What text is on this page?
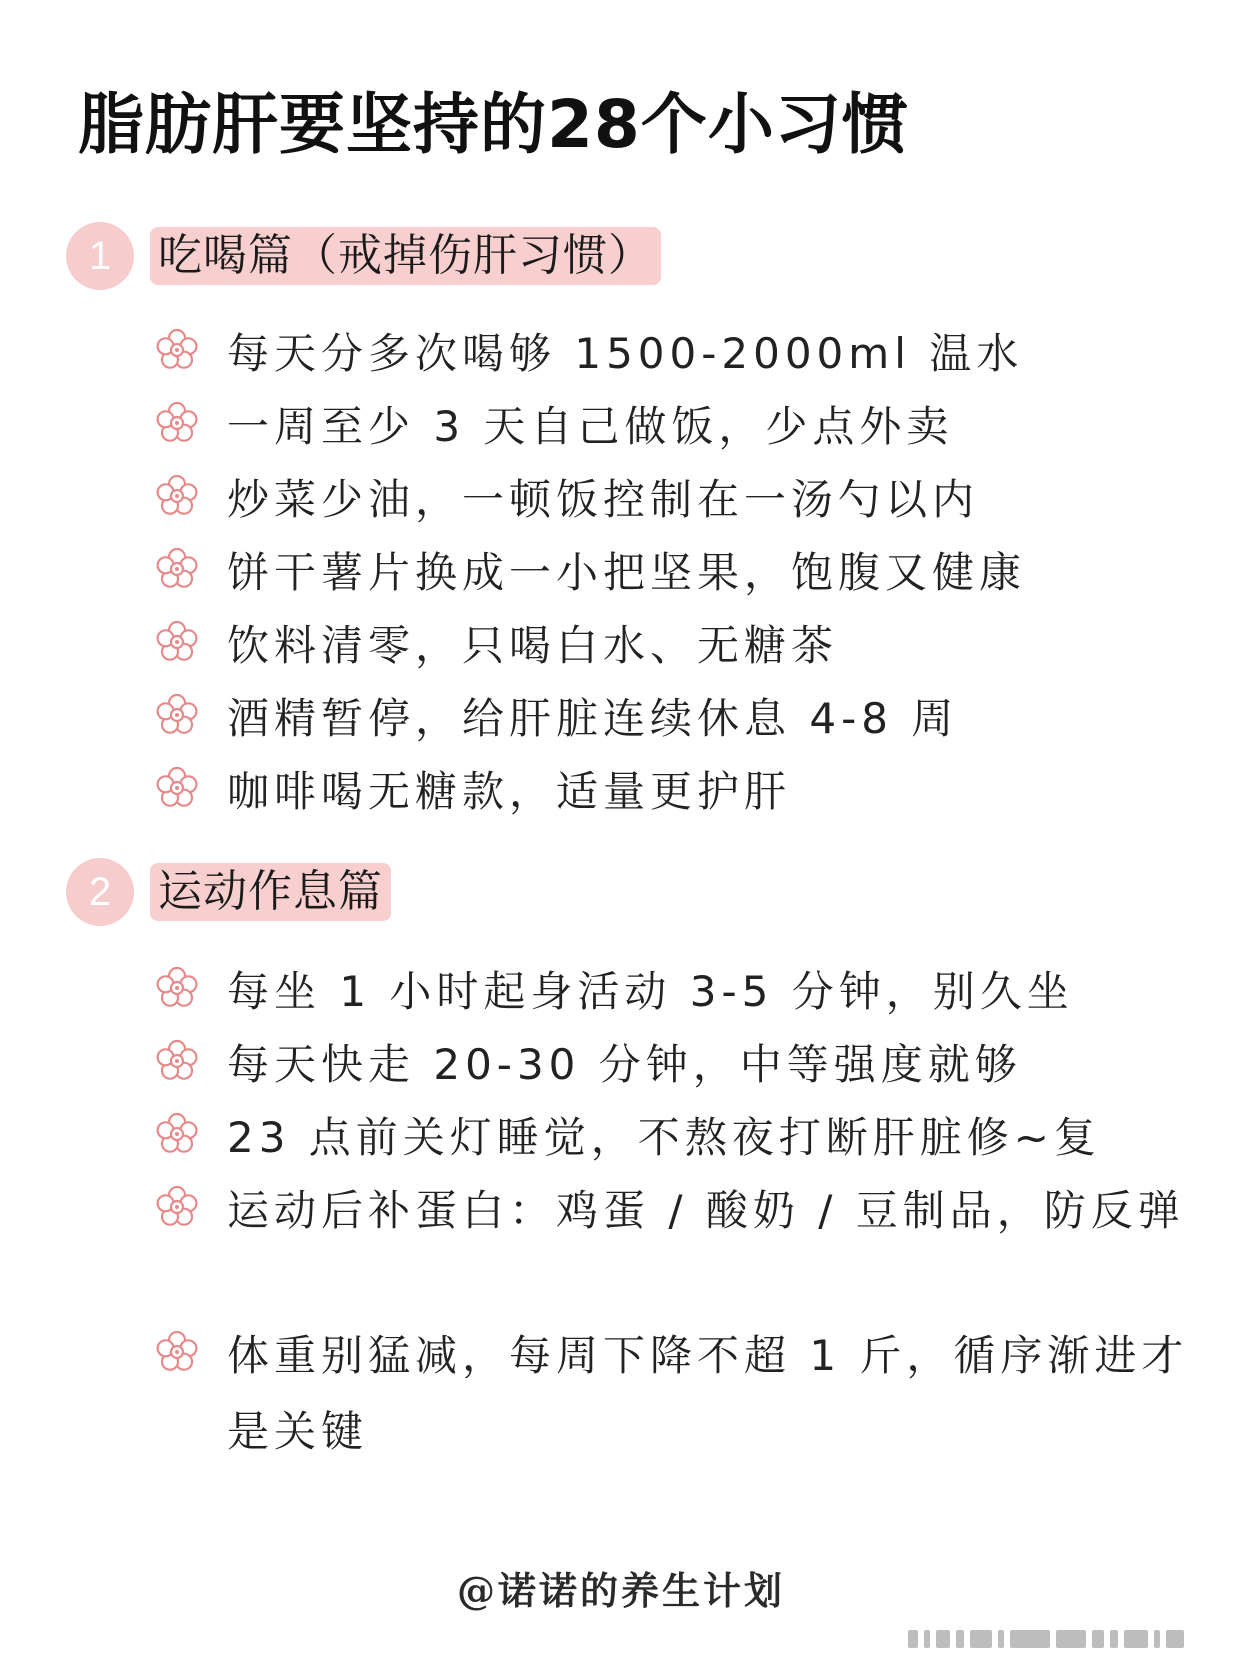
脂肪肝要坚持的28个小习惯
1	吃喝篇（戒掉伤肝习惯）
每天分多次喝够 1500-2000ml 温水
一周至少 3 天自己做饭，少点外卖
炒菜少油，一顿饭控制在一汤勺以内
饼干薯片换成一小把坚果，饱腹又健康
饮料清零，只喝白水、无糖茶
酒精暂停，给肝脏连续休息 4-8 周
咖啡喝无糖款，适量更护肝
2	运动作息篇
每坐 1 小时起身活动 3-5 分钟，别久坐
每天快走 20-30 分钟，中等强度就够
23 点前关灯睡觉，不熬夜打断肝脏修~复
运动后补蛋白：鸡蛋 / 酸奶 / 豆制品，防反弹
体重别猛减，每周下降不超 1 斤，循序渐进才是关键
@诺诺的养生计划
